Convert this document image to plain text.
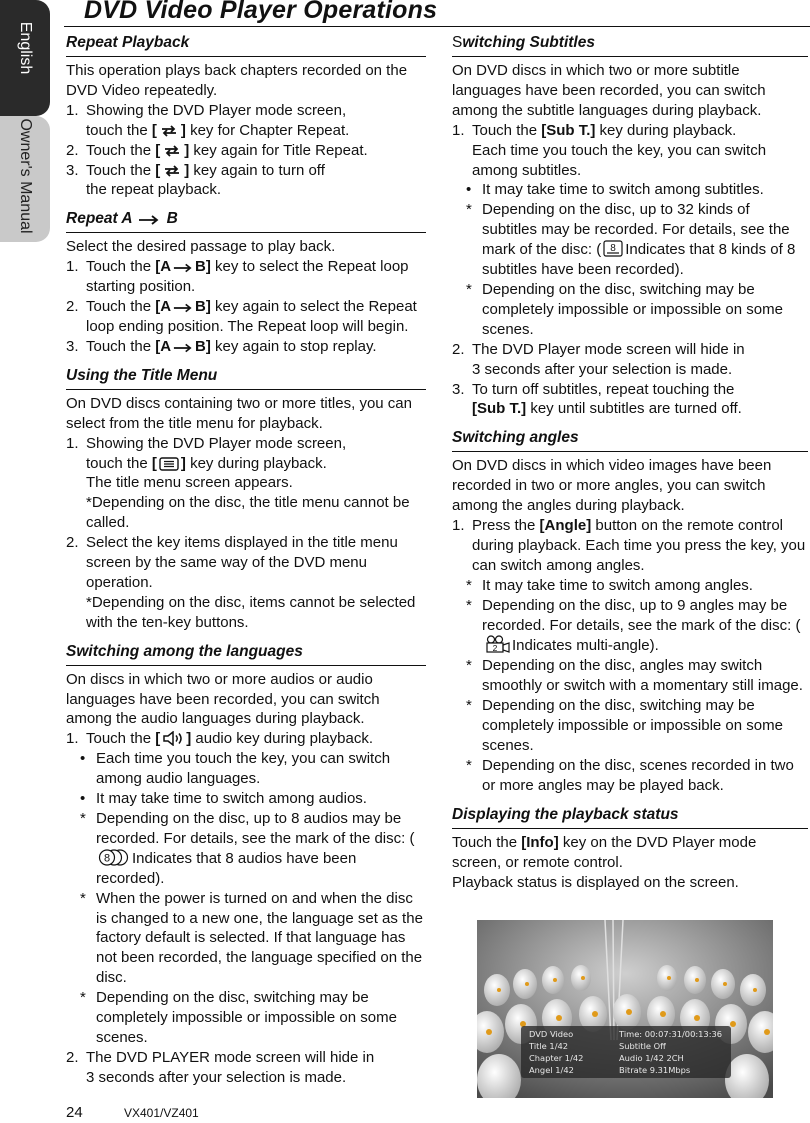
English
Owner's Manual
DVD Video Player Operations
Repeat Playback

This operation plays back chapters recorded on the DVD Video repeatedly.

1. Showing the DVD Player mode screen,
touch the [ ] key for Chapter Repeat.
2. Touch the [ ] key again for Title Repeat.
3. Touch the [ ] key again to turn off
the repeat playback.
Repeat A B

Select the desired passage to play back.

1. Touch the [A B] key to select the Repeat loop starting position.
2. Touch the [A B] key again to select the Repeat loop ending position. The Repeat loop will begin.
3. Touch the [A B] key again to stop replay.
Using the Title Menu

On DVD discs containing two or more titles, you can select from the title menu for playback.

1. Showing the DVD Player mode screen,
touch the [ ] key during playback.
The title menu screen appears.
*Depending on the disc, the title menu cannot be called.
2. Select the key items displayed in the title menu screen by the same way of the DVD menu operation.
*Depending on the disc, items cannot be selected with the ten-key buttons.
Switching among the languages

On discs in which two or more audios or audio languages have been recorded, you can switch among the audio languages during playback.

1. Touch the [ ] audio key during playback.
• Each time you touch the key, you can switch among audio languages.
• It may take time to switch among audios.
* Depending on the disc, up to 8 audios may be recorded. For details, see the mark of the disc: (
8 Indicates that 8 audios have been recorded).
* When the power is turned on and when the disc is changed to a new one, the language set as the factory default is selected. If that language has not been recorded, the language specified on the disc.
* Depending on the disc, switching may be completely impossible or impossible on some scenes.
2. The DVD PLAYER mode screen will hide in
3 seconds after your selection is made.
Switching Subtitles

On DVD discs in which two or more subtitle languages have been recorded, you can switch among the subtitle languages during playback.

1. Touch the [Sub T.] key during playback.
Each time you touch the key, you can switch among subtitles.
• It may take time to switch among subtitles.
* Depending on the disc, up to 32 kinds of subtitles may be recorded. For details, see the mark of the disc: ( 8 Indicates that 8 kinds of 8 subtitles have been recorded).
* Depending on the disc, switching may be completely impossible or impossible on some scenes.
2. The DVD Player mode screen will hide in
3 seconds after your selection is made.
3. To turn off subtitles, repeat touching the
[Sub T.] key until subtitles are turned off.
Switching angles

On DVD discs in which video images have been recorded in two or more angles, you can switch among the angles during playback.

1. Press the [Angle] button on the remote control during playback. Each time you press the key, you can switch among angles.
* It may take time to switch among angles.
* Depending on the disc, up to 9 angles may be recorded. For details, see the mark of the disc: (
2 Indicates multi-angle).
* Depending on the disc, angles may switch smoothly or switch with a momentary still image.
* Depending on the disc, switching may be completely impossible or impossible on some scenes.
* Depending on the disc, scenes recorded in two or more angles may be played back.
Displaying the playback status

Touch the [Info] key on the DVD Player mode screen, or remote control.

Playback status is displayed on the screen.

DVD Video
Title 1/42
Chapter 1/42
Angel 1/42
Time: 00:07:31/00:13:36
Subtitle Off
Audio 1/42 2CH
Bitrate 9.31Mbps
24	VX401/VZ401
